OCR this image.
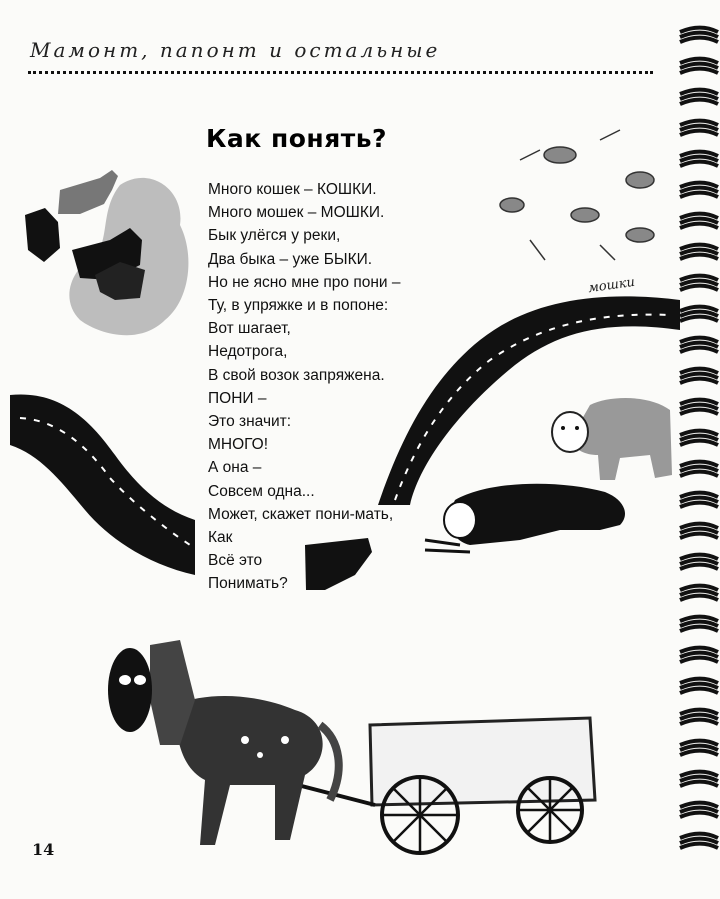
Мамонт, папонт и остальные
мошки
Как понять?
Много кошек – КОШКИ.
Много мошек – МОШКИ.
Бык улёгся у реки,
Два быка – уже БЫКИ.
Но не ясно мне про пони –
Ту, в упряжке и в попоне:
Вот шагает,
Недотрога,
В свой возок запряжена.
ПОНИ –
Это значит:
МНОГО!
А она –
Совсем одна...
Может, скажет пони-мать,
Как
Всё это
Понимать?
14
